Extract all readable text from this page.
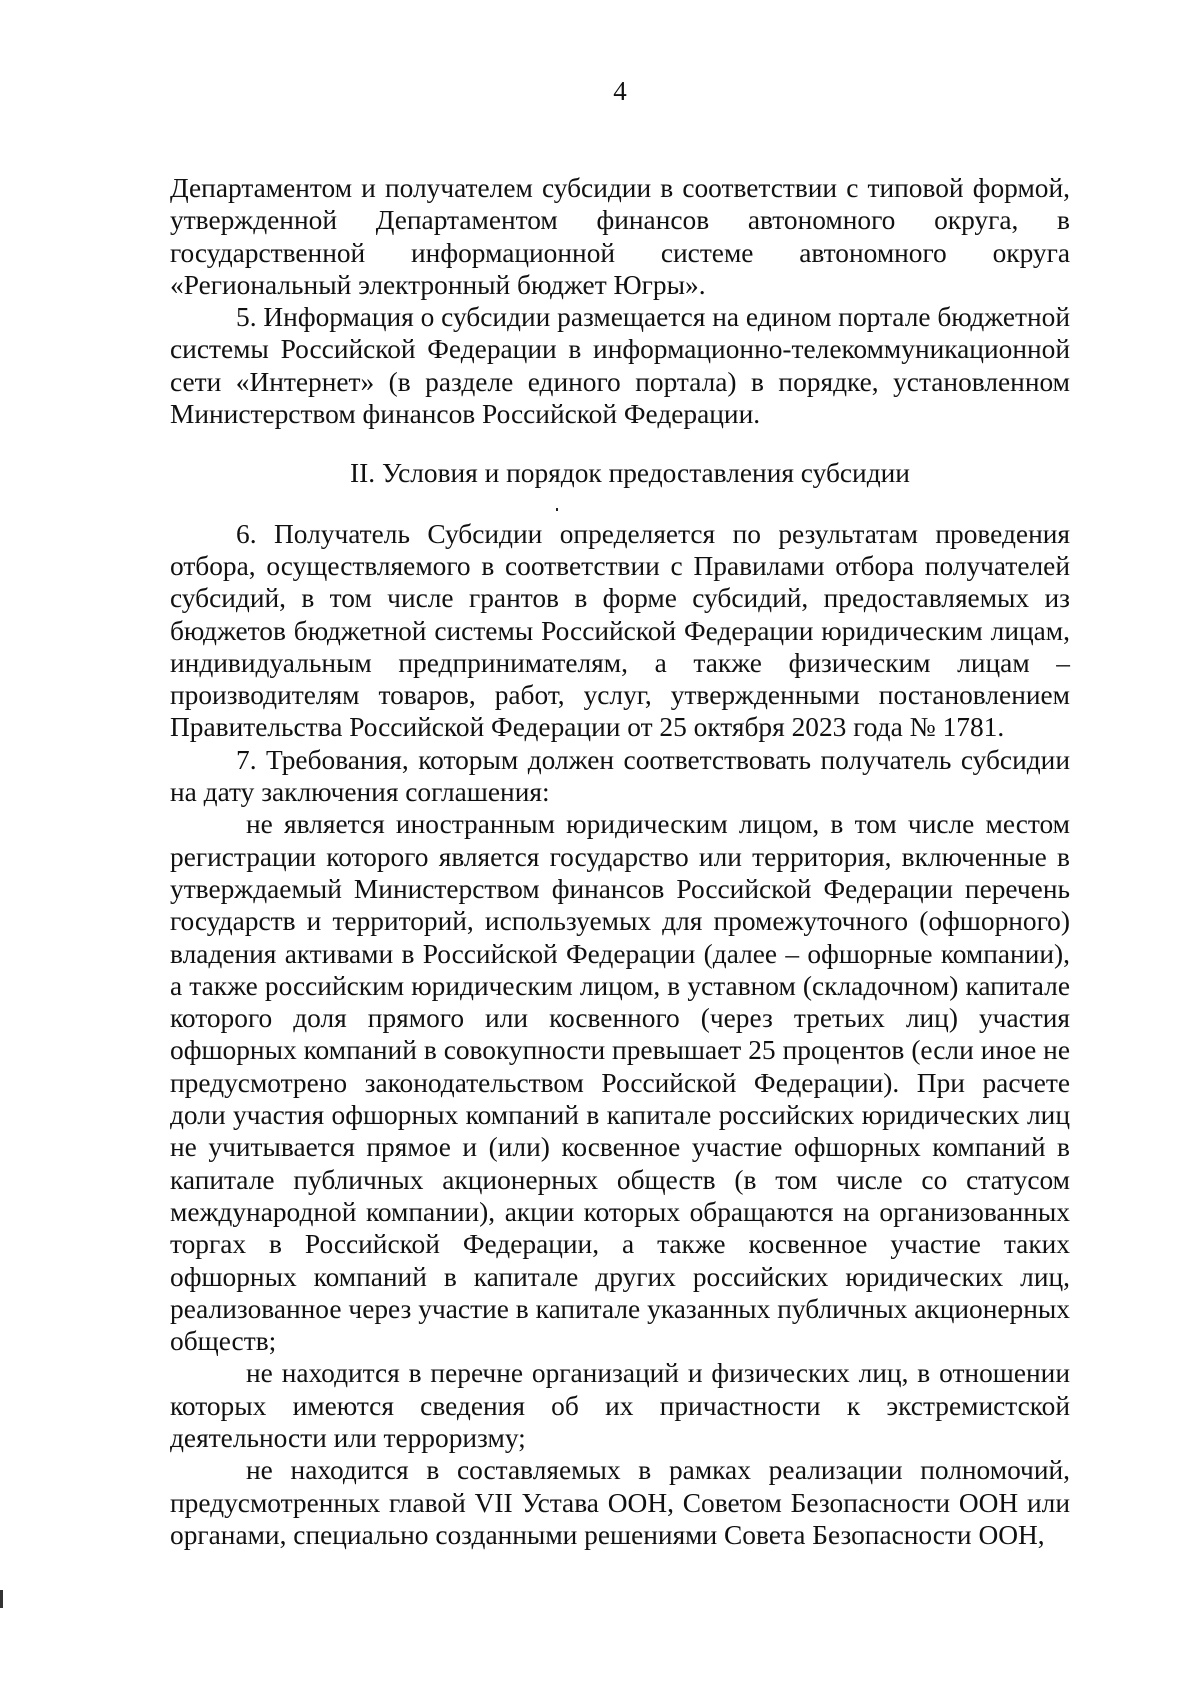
4

Департаментом и получателем субсидии в соответствии с типовой формой, утвержденной Департаментом финансов автономного округа, в государственной информационной системе автономного округа «Региональный электронный бюджет Югры».

5. Информация о субсидии размещается на едином портале бюджетной системы Российской Федерации в информационно-телекоммуникационной сети «Интернет» (в разделе единого портала) в порядке, установленном Министерством финансов Российской Федерации.

II. Условия и порядок предоставления субсидии

6. Получатель Субсидии определяется по результатам проведения отбора, осуществляемого в соответствии с Правилами отбора получателей субсидий, в том числе грантов в форме субсидий, предоставляемых из бюджетов бюджетной системы Российской Федерации юридическим лицам, индивидуальным предпринимателям, а также физическим лицам – производителям товаров, работ, услуг, утвержденными постановлением Правительства Российской Федерации от 25 октября 2023 года № 1781.

7. Требования, которым должен соответствовать получатель субсидии на дату заключения соглашения:

не является иностранным юридическим лицом, в том числе местом регистрации которого является государство или территория, включенные в утверждаемый Министерством финансов Российской Федерации перечень государств и территорий, используемых для промежуточного (офшорного) владения активами в Российской Федерации (далее – офшорные компании), а также российским юридическим лицом, в уставном (складочном) капитале которого доля прямого или косвенного (через третьих лиц) участия офшорных компаний в совокупности превышает 25 процентов (если иное не предусмотрено законодательством Российской Федерации). При расчете доли участия офшорных компаний в капитале российских юридических лиц не учитывается прямое и (или) косвенное участие офшорных компаний в капитале публичных акционерных обществ (в том числе со статусом международной компании), акции которых обращаются на организованных торгах в Российской Федерации, а также косвенное участие таких офшорных компаний в капитале других российских юридических лиц, реализованное через участие в капитале указанных публичных акционерных обществ;

не находится в перечне организаций и физических лиц, в отношении которых имеются сведения об их причастности к экстремистской деятельности или терроризму;

не находится в составляемых в рамках реализации полномочий, предусмотренных главой VII Устава ООН, Советом Безопасности ООН или органами, специально созданными решениями Совета Безопасности ООН,
